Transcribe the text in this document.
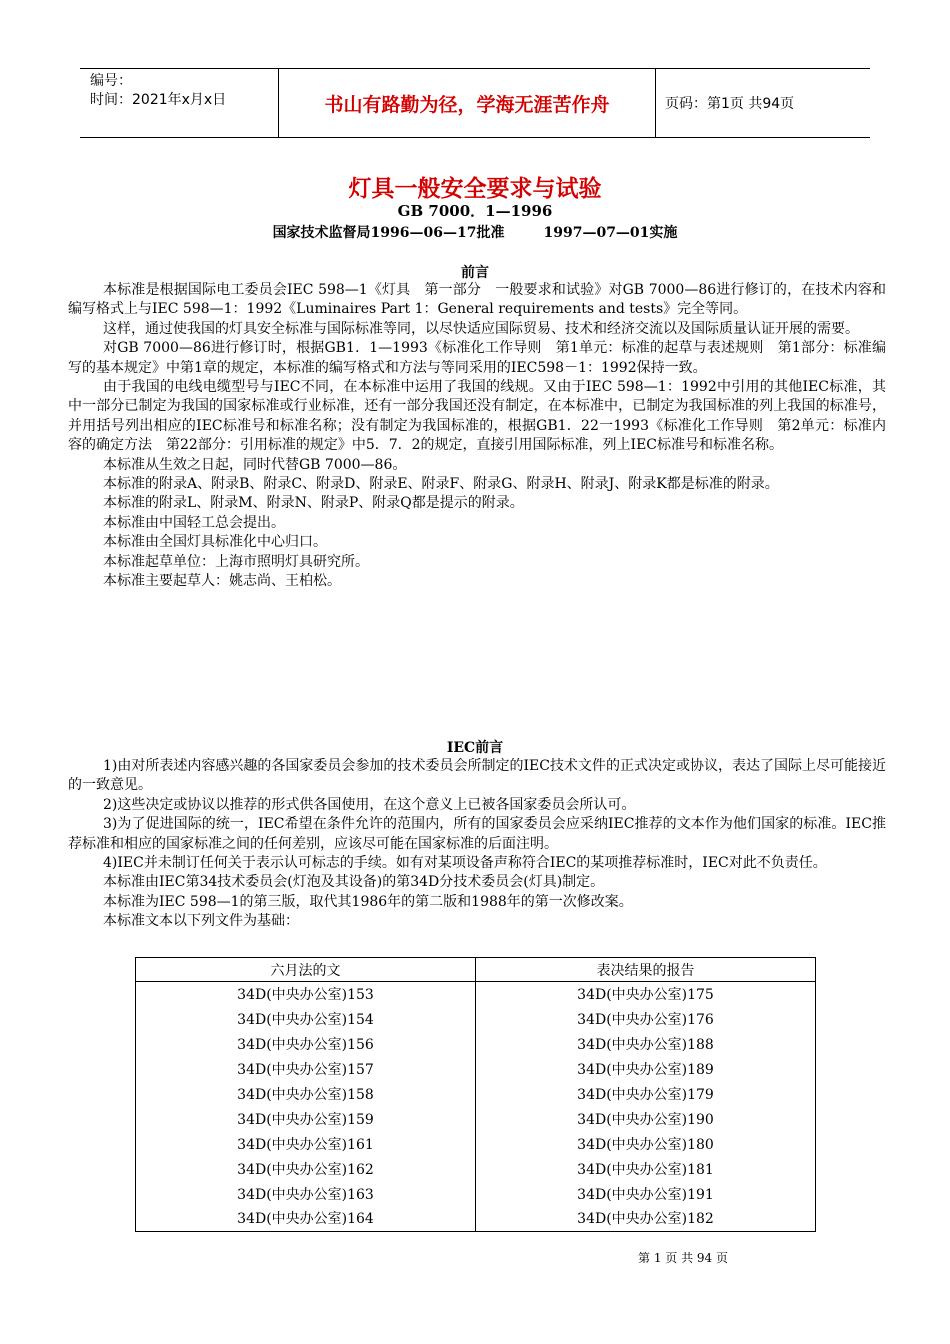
编号：
时间：2021年x月x日	书山有路勤为径，学海无涯苦作舟	页码：第1页 共94页
灯具一般安全要求与试验
GB 7000．1—1996
国家技术监督局1996—06—17批准        1997—07—01实施
前言

本标准是根据国际电工委员会IEC 598—1《灯具　第一部分　一般要求和试验》对GB 7000—86进行修订的，在技术内容和编写格式上与IEC 598—1：1992《Luminaires Part 1：General requirements and tests》完全等同。

这样，通过使我国的灯具安全标准与国际标准等同，以尽快适应国际贸易、技术和经济交流以及国际质量认证开展的需要。

对GB 7000—86进行修订时，根据GB1．1—1993《标准化工作导则　第1单元：标准的起草与表述规则　第1部分：标准编写的基本规定》中第1章的规定，本标准的编写格式和方法与等同采用的IEC598－1：1992保持一致。

由于我国的电线电缆型号与IEC不同，在本标准中运用了我国的线规。又由于IEC 598—1：1992中引用的其他IEC标准，其中一部分已制定为我国的国家标准或行业标准，还有一部分我国还没有制定，在本标准中，已制定为我国标准的列上我国的标准号，并用括号列出相应的IEC标准号和标准名称；没有制定为我国标准的，根据GB1．22一1993《标准化工作导则　第2单元：标准内容的确定方法　第22部分：引用标准的规定》中5．7．2的规定，直接引用国际标准，列上IEC标准号和标准名称。

本标准从生效之日起，同时代替GB 7000—86。

本标准的附录A、附录B、附录C、附录D、附录E、附录F、附录G、附录H、附录J、附录K都是标准的附录。

本标准的附录L、附录M、附录N、附录P、附录Q都是提示的附录。

本标准由中国轻工总会提出。

本标准由全国灯具标准化中心归口。

本标准起草单位：上海市照明灯具研究所。

本标准主要起草人：姚志尚、王柏松。

IEC前言

1)由对所表述内容感兴趣的各国家委员会参加的技术委员会所制定的IEC技术文件的正式决定或协议，表达了国际上尽可能接近的一致意见。

2)这些决定或协议以推荐的形式供各国使用，在这个意义上已被各国家委员会所认可。

3)为了促进国际的统一，IEC希望在条件允许的范围内，所有的国家委员会应采纳IEC推荐的文本作为他们国家的标准。IEC推荐标准和相应的国家标准之间的任何差别，应该尽可能在国家标准的后面注明。

4)IEC并未制订任何关于表示认可标志的手续。如有对某项设备声称符合IEC的某项推荐标准时，IEC对此不负责任。

本标准由IEC第34技术委员会(灯泡及其设备)的第34D分技术委员会(灯具)制定。

本标准为IEC 598—1的第三版，取代其1986年的第二版和1988年的第一次修改案。

本标准文本以下列文件为基础：

六月法的文	表决结果的报告
34D(中央办公室)153	34D(中央办公室)175
34D(中央办公室)154	34D(中央办公室)176
34D(中央办公室)156	34D(中央办公室)188
34D(中央办公室)157	34D(中央办公室)189
34D(中央办公室)158	34D(中央办公室)179
34D(中央办公室)159	34D(中央办公室)190
34D(中央办公室)161	34D(中央办公室)180
34D(中央办公室)162	34D(中央办公室)181
34D(中央办公室)163	34D(中央办公室)191
34D(中央办公室)164	34D(中央办公室)182
第 1 页 共 94 页
